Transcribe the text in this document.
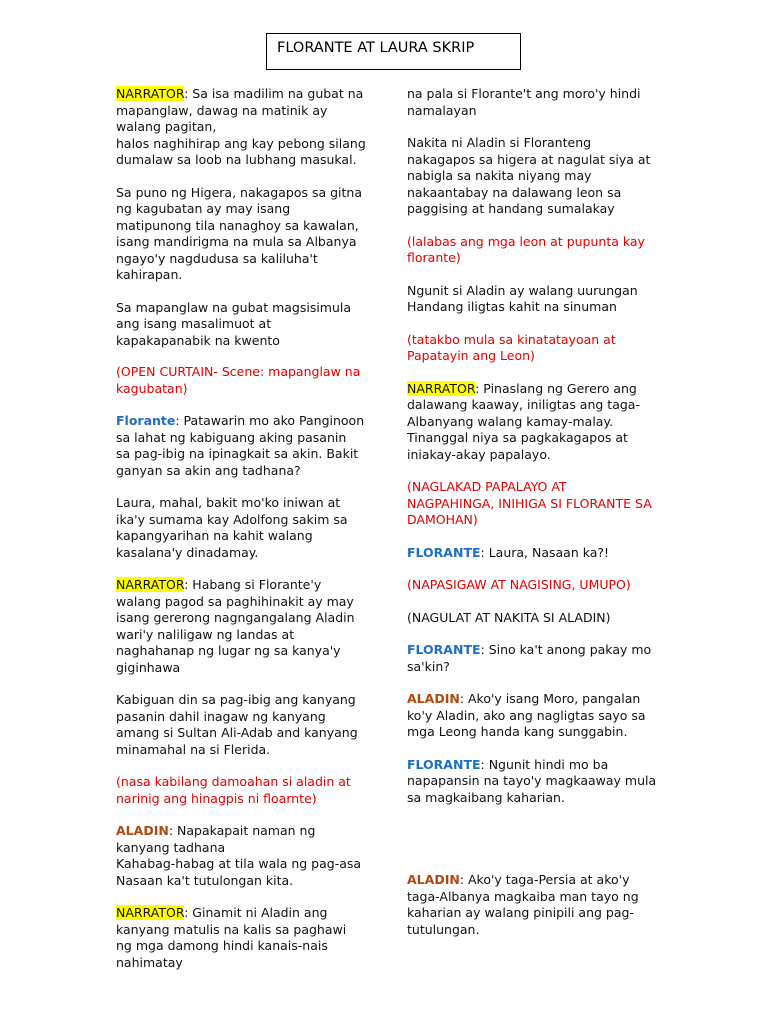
FLORANTE AT LAURA SKRIP
NARRATOR: Sa isa madilim na gubat na mapanglaw, dawag na matinik ay walang pagitan,
halos naghihirap ang kay pebong silang dumalaw sa loob na lubhang masukal.
Sa puno ng Higera, nakagapos sa gitna ng kagubatan ay may isang matipunong tila nanaghoy sa kawalan, isang mandirigma na mula sa Albanya ngayo'y nagdudusa sa kaliluha't kahirapan.
Sa mapanglaw na gubat magsisimula ang isang masalimuot at kapakapanabik na kwento
(OPEN CURTAIN- Scene: mapanglaw na kagubatan)
Florante: Patawarin mo ako Panginoon
sa lahat ng kabiguang aking pasanin
sa pag-ibig na ipinagkait sa akin. Bakit ganyan sa akin ang tadhana?
Laura, mahal, bakit mo'ko iniwan at ika'y sumama kay Adolfong sakim sa kapangyarihan na kahit walang kasalana'y dinadamay.
NARRATOR: Habang si Florante'y walang pagod sa paghihinakit ay may isang gererong nagngangalang Aladin wari'y naliligaw ng landas at naghahanap ng lugar ng sa kanya'y giginhawa
Kabiguan din sa pag-ibig ang kanyang pasanin dahil inagaw ng kanyang amang si Sultan Ali-Adab and kanyang minamahal na si Flerida.
(nasa kabilang damoahan si aladin at narinig ang hinagpis ni floarnte)
ALADIN: Napakapait naman ng kanyang tadhana
Kahabag-habag at tila wala ng pag-asa
Nasaan ka't tutulongan kita.
NARRATOR: Ginamit ni Aladin ang kanyang matulis na kalis sa paghawi ng mga damong hindi kanais-nais nahimatay
na pala si Florante't ang moro'y hindi namalayan
Nakita ni Aladin si Floranteng nakagapos sa higera at nagulat siya at nabigla sa nakita niyang may nakaantabay na dalawang leon sa paggising at handang sumalakay
(lalabas ang mga leon at pupunta kay florante)
Ngunit si Aladin ay walang uurungan
Handang iligtas kahit na sinuman
(tatakbo mula sa kinatatayoan at Papatayin ang Leon)
NARRATOR: Pinaslang ng Gerero ang dalawang kaaway, iniligtas ang taga-Albanyang walang kamay-malay. Tinanggal niya sa pagkakagapos at iniakay-akay papalayo.
(NAGLAKAD PAPALAYO AT NAGPAHINGA, INIHIGA SI FLORANTE SA DAMOHAN)
FLORANTE: Laura, Nasaan ka?!
(NAPASIGAW AT NAGISING, UMUPO)
(NAGULAT AT NAKITA SI ALADIN)
FLORANTE: Sino ka't anong pakay mo sa'kin?
ALADIN: Ako'y isang Moro, pangalan ko'y Aladin, ako ang nagligtas sayo sa mga Leong handa kang sunggabin.
FLORANTE: Ngunit hindi mo ba napapansin na tayo'y magkaaway mula sa magkaibang kaharian.
ALADIN: Ako'y taga-Persia at ako'y taga-Albanya magkaiba man tayo ng kaharian ay walang pinipili ang pag-tutulungan.
